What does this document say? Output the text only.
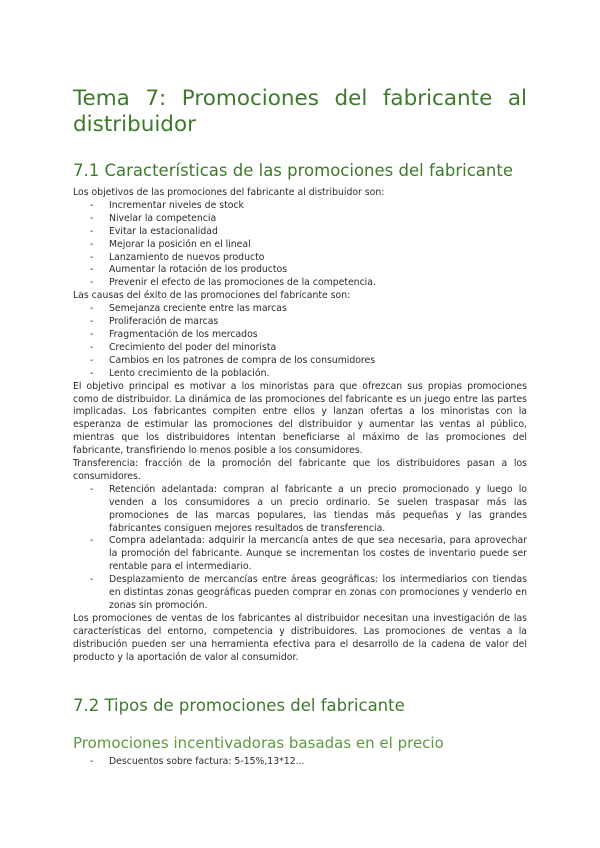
Tema 7: Promociones del fabricante al distribuidor
7.1 Características de las promociones del fabricante

Los objetivos de las promociones del fabricante al distribuidor son:

- Incrementar niveles de stock
- Nivelar la competencia
- Evitar la estacionalidad
- Mejorar la posición en el lineal
- Lanzamiento de nuevos producto
- Aumentar la rotación de los productos
- Prevenir el efecto de las promociones de la competencia.

Las causas del éxito de las promociones del fabricante son:

- Semejanza creciente entre las marcas
- Proliferación de marcas
- Fragmentación de los mercados
- Crecimiento del poder del minorista
- Cambios en los patrones de compra de los consumidores
- Lento crecimiento de la población.

El objetivo principal es motivar a los minoristas para que ofrezcan sus propias promociones como de distribuidor. La dinámica de las promociones del fabricante es un juego entre las partes implicadas. Los fabricantes compiten entre ellos y lanzan ofertas a los minoristas con la esperanza de estimular las promociones del distribuidor y aumentar las ventas al público, mientras que los distribuidores intentan beneficiarse al máximo de las promociones del fabricante, transfiriendo lo menos posible a los consumidores.

Transferencia: fracción de la promoción del fabricante que los distribuidores pasan a los consumidores.

- Retención adelantada: compran al fabricante a un precio promocionado y luego lo venden a los consumidores a un precio ordinario. Se suelen traspasar más las promociones de las marcas populares, las tiendas más pequeñas y las grandes fabricantes consiguen mejores resultados de transferencia.
- Compra adelantada: adquirir la mercancía antes de que sea necesaria, para aprovechar la promoción del fabricante. Aunque se incrementan los costes de inventario puede ser rentable para el intermediario.
- Desplazamiento de mercancías entre áreas geográficas: los intermediarios con tiendas en distintas zonas geográficas pueden comprar en zonas con promociones y venderlo en zonas sin promoción.

Los promociones de ventas de los fabricantes al distribuidor necesitan una investigación de las características del entorno, competencia y distribuidores. Las promociones de ventas a la distribución pueden ser una herramienta efectiva para el desarrollo de la cadena de valor del producto y la aportación de valor al consumidor.

7.2 Tipos de promociones del fabricante
Promociones incentivadoras basadas en el precio
- Descuentos sobre factura: 5-15%,13*12...
